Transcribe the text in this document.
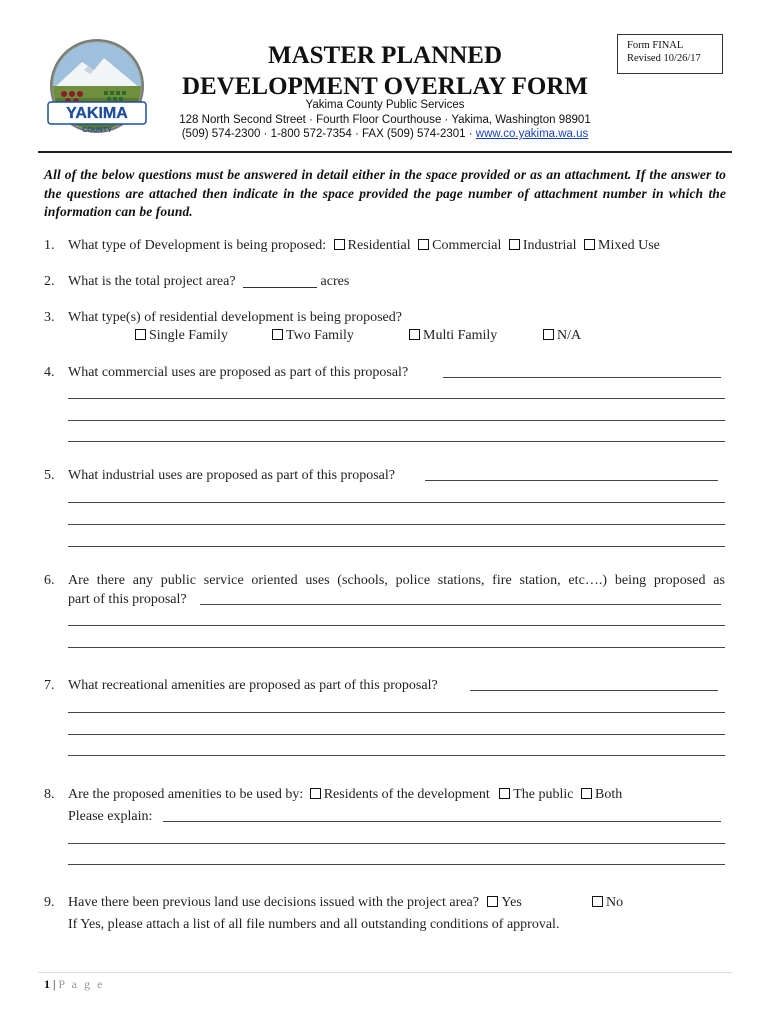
YAKIMA
COUNTY
MASTER PLANNED
DEVELOPMENT OVERLAY FORM
Form FINAL
Revised 10/26/17
Yakima County Public Services
128 North Second Street · Fourth Floor Courthouse · Yakima, Washington 98901
(509) 574-2300 · 1-800 572-7354 · FAX (509) 574-2301 · www.co.yakima.wa.us
All of the below questions must be answered in detail either in the space provided or as an attachment. If the answer to the questions are attached then indicate in the space provided the page number of attachment number in which the information can be found.
1. What type of Development is being proposed: Residential Commercial Industrial Mixed Use
2. What is the total project area?	acres
3. What type(s) of residential development is being proposed?
Single Family	Two Family	Multi Family	N/A
4. What commercial uses are proposed as part of this proposal?
5. What industrial uses are proposed as part of this proposal?
6. Are there any public service oriented uses (schools, police stations, fire station, etc….) being proposed as
part of this proposal?
7. What recreational amenities are proposed as part of this proposal?
8. Are the proposed amenities to be used by: Residents of the development The public Both
Please explain:
9. Have there been previous land use decisions issued with the project area? Yes	No
If Yes, please attach a list of all file numbers and all outstanding conditions of approval.
1 | P a g e
